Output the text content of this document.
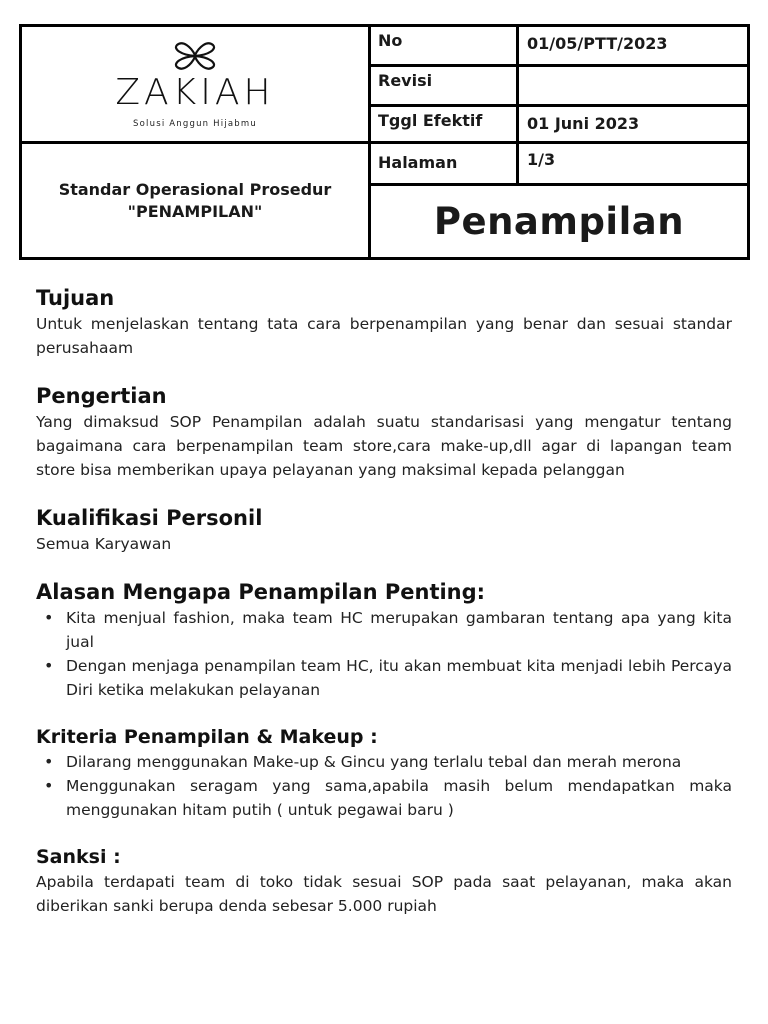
ZAKIAH
Solusi Anggun Hijabmu	No	01/05/PTT/2023
	Revisi	
	Tggl Efektif	01 Juni 2023

Standar Operasional Prosedur
"PENAMPILAN"	Halaman	1/3
	Penampilan	
Tujuan
Untuk menjelaskan tentang tata cara berpenampilan yang benar dan sesuai standar perusahaam
Pengertian
Yang dimaksud SOP Penampilan adalah suatu standarisasi yang mengatur tentang bagaimana cara berpenampilan team store,cara make-up,dll agar di lapangan team store bisa memberikan upaya pelayanan yang maksimal kepada pelanggan
Kualifikasi Personil
Semua Karyawan
Alasan Mengapa Penampilan Penting:
• Kita menjual fashion, maka team HC merupakan gambaran tentang apa yang kita jual
• Dengan menjaga penampilan team HC, itu akan membuat kita menjadi lebih Percaya Diri ketika melakukan pelayanan
Kriteria Penampilan & Makeup :
• Dilarang menggunakan Make-up & Gincu yang terlalu tebal dan merah merona
• Menggunakan seragam yang sama,apabila masih belum mendapatkan maka menggunakan hitam putih ( untuk pegawai baru )
Sanksi :
Apabila terdapati team di toko tidak sesuai SOP pada saat pelayanan, maka akan diberikan sanki berupa denda sebesar 5.000 rupiah
